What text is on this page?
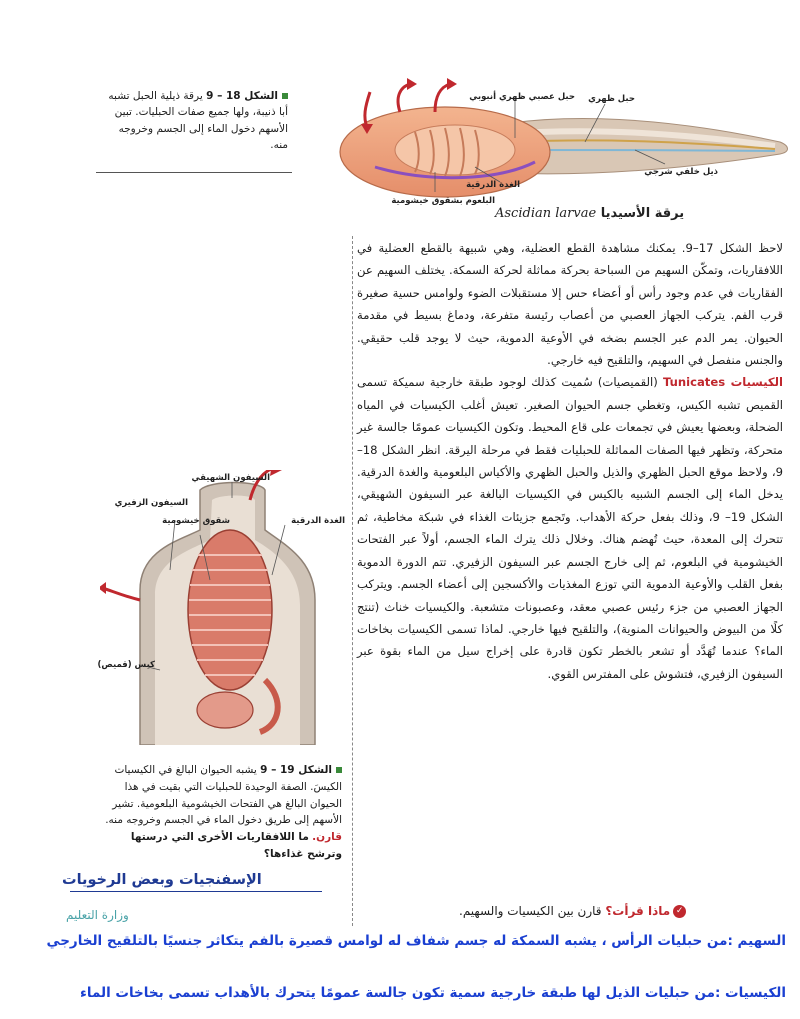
الشكل 18 – 9 يرقة ذيلية الحبل تشبه أبا ذنيبة، ولها جميع صفات الحبليات. تبين الأسهم دخول الماء إلى الجسم وخروجه منه.
حبل عصبي ظهري أنبوبي حبل ظهري
ذيل خلفي شرجي
الغدة الدرقية
البلعوم بشقوق خيشومية
يرقة الأسيديا Ascidian larvae

لاحظ الشكل 17–9. يمكنك مشاهدة القطع العضلية، وهي شبيهة بالقطع العضلية في اللافقاريات، وتمكّن السهيم من السباحة بحركة مماثلة لحركة السمكة. يختلف السهيم عن الفقاريات في عدم وجود رأس أو أعضاء حس إلا مستقبلات الضوء ولوامس حسية صغيرة قرب الفم. يتركب الجهاز العصبي من أعصاب رئيسة متفرعة، ودماغ بسيط في مقدمة الحيوان. يمر الدم عبر الجسم بضخه في الأوعية الدموية، حيث لا يوجد قلب حقيقي. والجنس منفصل في السهيم، والتلقيح فيه خارجي.

الكيسيات Tunicates (القميصيات) سُميت كذلك لوجود طبقة خارجية سميكة تسمى القميص تشبه الكيس، وتغطي جسم الحيوان الصغير. تعيش أغلب الكيسيات في المياه الضحلة، وبعضها يعيش في تجمعات على قاع المحيط. وتكون الكيسيات عمومًا جالسة غير متحركة، وتظهر فيها الصفات المماثلة للحبليات فقط في مرحلة اليرقة. انظر الشكل 18–9، ولاحظ موقع الحبل الظهري والذيل والحبل الظهري والأكياس البلعومية والغدة الدرقية. يدخل الماء إلى الجسم الشبيه بالكيس في الكيسيات البالغة عبر السيفون الشهيقي، الشكل 19– 9، وذلك بفعل حركة الأهداب. وتَجمع جزيئات الغذاء في شبكة مخاطية، ثم تتحرك إلى المعدة، حيث تُهضم هناك. وخلال ذلك يترك الماء الجسم، أولاً عبر الفتحات الخيشومية في البلعوم، ثم إلى خارج الجسم عبر السيفون الزفيري. تتم الدورة الدموية بفعل القلب والأوعية الدموية التي توزع المغذيات والأكسجين إلى أعضاء الجسم. ويتركب الجهاز العصبي من جزء رئيس عصبي معقد، وعصبونات متشعبة. والكيسيات خناث (تنتج كلًا من البيوض والحيوانات المنوية)، والتلقيح فيها خارجي. لماذا تسمى الكيسيات بخاخات الماء؟ عندما تُهَدَّد أو تشعر بالخطر تكون قادرة على إخراج سيل من الماء بقوة عبر السيفون الزفيري، فتشوش على المفترس القوي.

✓ماذا قرأت؟ قارن بين الكيسيات والسهيم.
السيفون الشهيقي
السيفون الزفيري
شقوق خيشومية	الغدة الدرقية
كيس (قميص)
الشكل 19 – 9 يشبه الحيوان البالغ في الكيسيات الكيسَ. الصفة الوحيدة للحبليات التي بقيت في هذا الحيوان البالغ هي الفتحات الخيشومية البلعومية. تشير الأسهم إلى طريق دخول الماء في الجسم وخروجه منه. قارن. ما اللافقاريات الأخرى التي درستها وترشح غذاءها؟
الإسفنجيات وبعض الرخويات
وزارة التعليم
السهيم :من حبليات الرأس ، يشبه السمكة له جسم شفاف له لوامس قصيرة بالفم يتكاثر جنسيًا بالتلقيح الخارجي
الكيسيات :من حبليات الذيل لها طبقة خارجية سمية تكون جالسة عمومًا يتحرك بالأهداب تسمى بخاخات الماء
